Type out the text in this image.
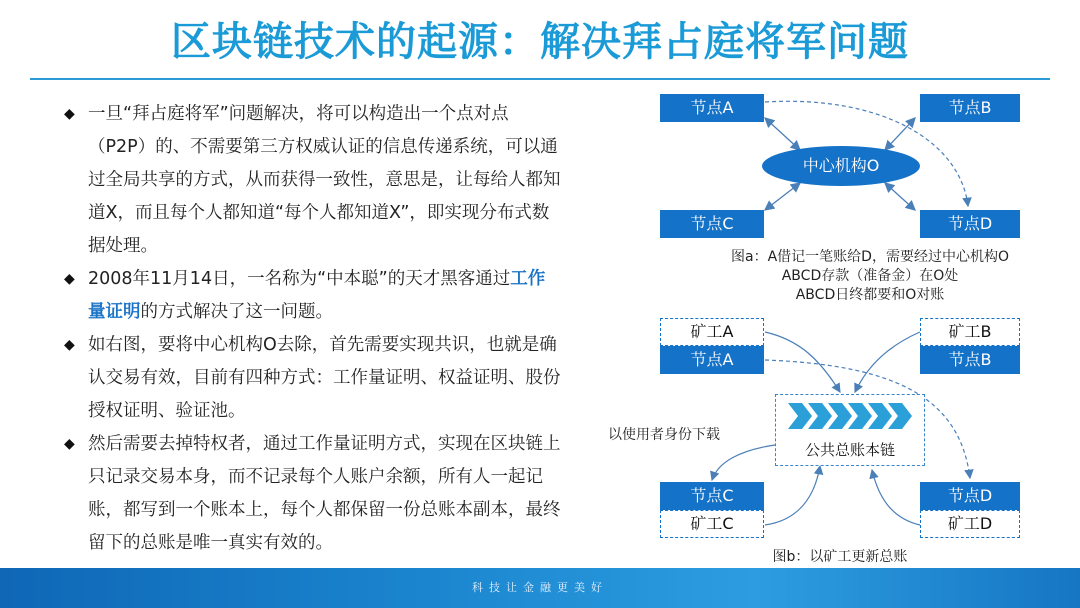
区块链技术的起源：解决拜占庭将军问题
◆ 一旦“拜占庭将军”问题解决，将可以构造出一个点对点（P2P）的、不需要第三方权威认证的信息传递系统，可以通过全局共享的方式，从而获得一致性，意思是，让每给人都知道X，而且每个人都知道“每个人都知道X”，即实现分布式数据处理。
◆ 2008年11月14日，一名称为“中本聪”的天才黑客通过工作量证明的方式解决了这一问题。
◆ 如右图，要将中心机构O去除，首先需要实现共识，也就是确认交易有效，目前有四种方式：工作量证明、权益证明、股份授权证明、验证池。
◆ 然后需要去掉特权者，通过工作量证明方式，实现在区块链上只记录交易本身，而不记录每个人账户余额，所有人一起记账，都写到一个账本上，每个人都保留一份总账本副本，最终留下的总账是唯一真实有效的。
节点A	节点B
中心机构O
节点C	节点D
图a：A借记一笔账给D，需要经过中心机构O
ABCD存款（准备金）在O处
ABCD日终都要和O对账
矿工A
节点A
矿工B
节点B
公共总账本链
以使用者身份下载
节点C
矿工C
节点D
矿工D
图b：以矿工更新总账
科技让金融更美好
